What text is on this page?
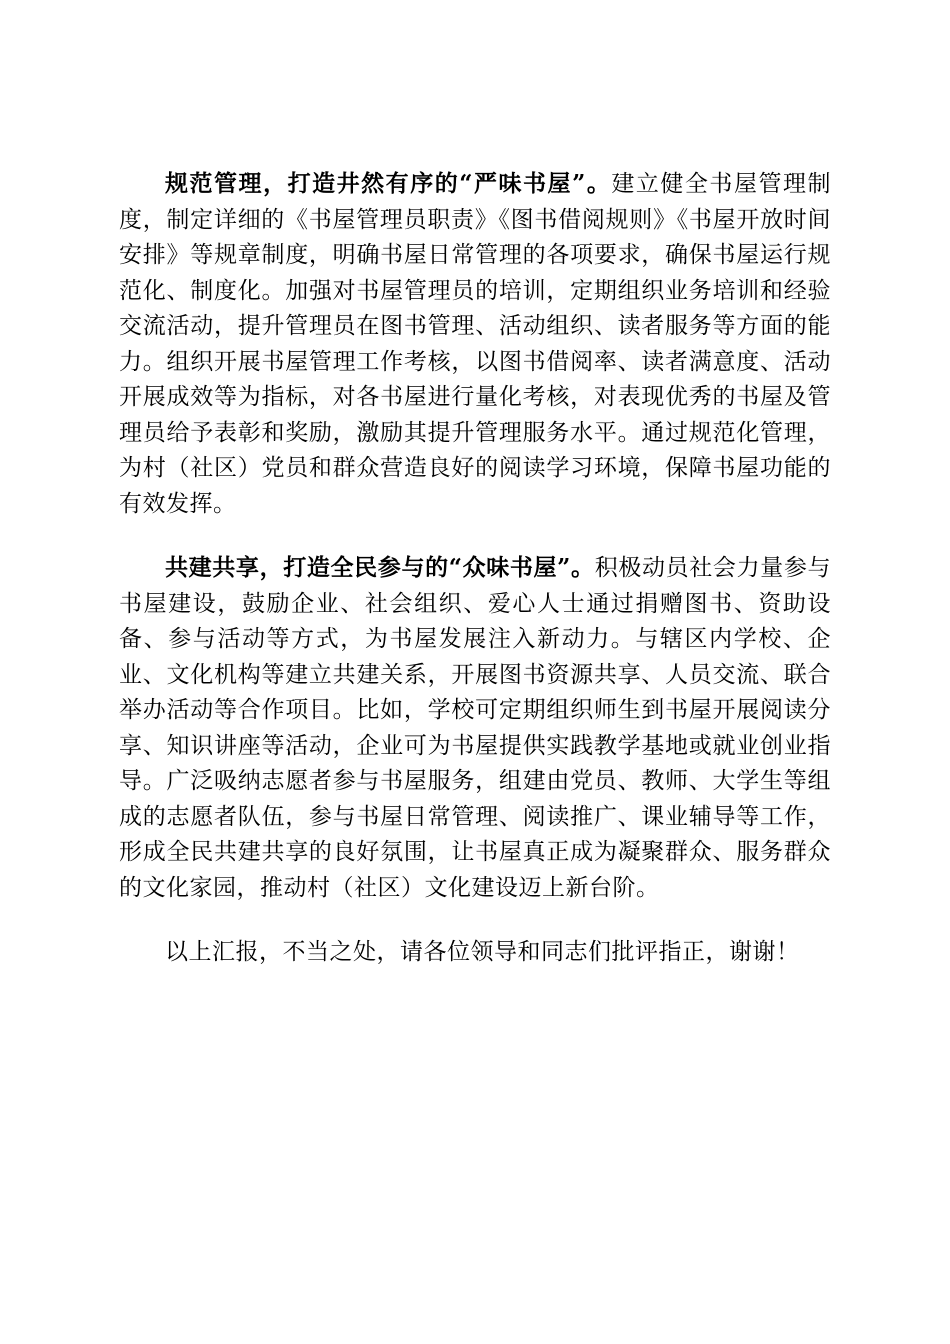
规范管理，打造井然有序的“严味书屋”。建立健全书屋管理制度，制定详细的《书屋管理员职责》《图书借阅规则》《书屋开放时间安排》等规章制度，明确书屋日常管理的各项要求，确保书屋运行规范化、制度化。加强对书屋管理员的培训，定期组织业务培训和经验交流活动，提升管理员在图书管理、活动组织、读者服务等方面的能力。组织开展书屋管理工作考核，以图书借阅率、读者满意度、活动开展成效等为指标，对各书屋进行量化考核，对表现优秀的书屋及管理员给予表彰和奖励，激励其提升管理服务水平。通过规范化管理，为村（社区）党员和群众营造良好的阅读学习环境，保障书屋功能的有效发挥。

共建共享，打造全民参与的“众味书屋”。积极动员社会力量参与书屋建设，鼓励企业、社会组织、爱心人士通过捐赠图书、资助设备、参与活动等方式，为书屋发展注入新动力。与辖区内学校、企业、文化机构等建立共建关系，开展图书资源共享、人员交流、联合举办活动等合作项目。比如，学校可定期组织师生到书屋开展阅读分享、知识讲座等活动，企业可为书屋提供实践教学基地或就业创业指导。广泛吸纳志愿者参与书屋服务，组建由党员、教师、大学生等组成的志愿者队伍，参与书屋日常管理、阅读推广、课业辅导等工作，形成全民共建共享的良好氛围，让书屋真正成为凝聚群众、服务群众的文化家园，推动村（社区）文化建设迈上新台阶。

以上汇报，不当之处，请各位领导和同志们批评指正，谢谢！
